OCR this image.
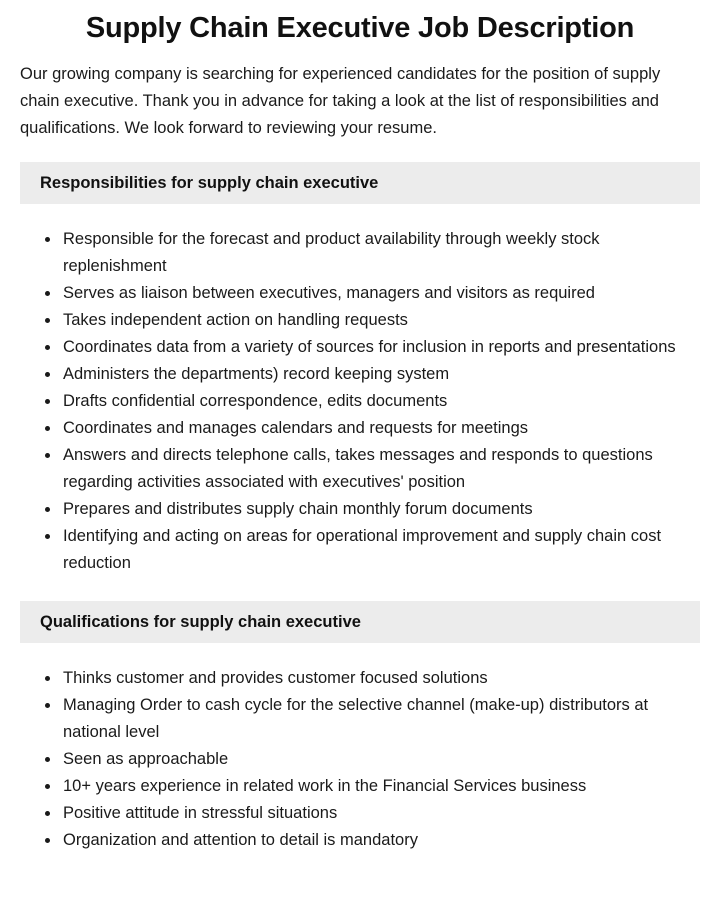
Supply Chain Executive Job Description

Our growing company is searching for experienced candidates for the position of supply chain executive. Thank you in advance for taking a look at the list of responsibilities and qualifications. We look forward to reviewing your resume.

Responsibilities for supply chain executive
• Responsible for the forecast and product availability through weekly stock replenishment
• Serves as liaison between executives, managers and visitors as required
• Takes independent action on handling requests
• Coordinates data from a variety of sources for inclusion in reports and presentations
• Administers the departments) record keeping system
• Drafts confidential correspondence, edits documents
• Coordinates and manages calendars and requests for meetings
• Answers and directs telephone calls, takes messages and responds to questions regarding activities associated with executives' position
• Prepares and distributes supply chain monthly forum documents
• Identifying and acting on areas for operational improvement and supply chain cost reduction
Qualifications for supply chain executive
• Thinks customer and provides customer focused solutions
• Managing Order to cash cycle for the selective channel (make-up) distributors at national level
• Seen as approachable
• 10+ years experience in related work in the Financial Services business
• Positive attitude in stressful situations
• Organization and attention to detail is mandatory
